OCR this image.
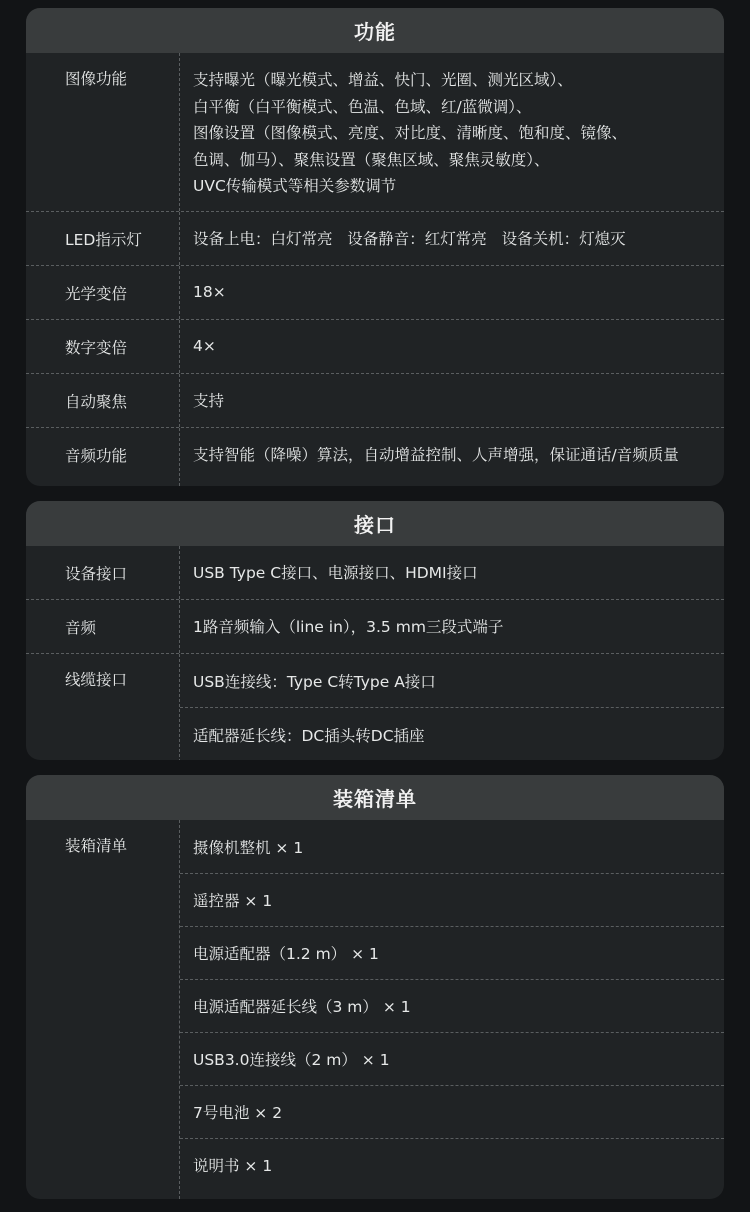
功能
图像功能	支持曝光（曝光模式、增益、快门、光圈、测光区域）、
白平衡（白平衡模式、色温、色域、红/蓝微调）、
图像设置（图像模式、亮度、对比度、清晰度、饱和度、镜像、
色调、伽马）、聚焦设置（聚焦区域、聚焦灵敏度）、
UVC传输模式等相关参数调节
LED指示灯	设备上电：白灯常亮   设备静音：红灯常亮   设备关机：灯熄灭
光学变倍	18×
数字变倍	4×
自动聚焦	支持
音频功能	支持智能（降噪）算法，自动增益控制、人声增强，保证通话/音频质量
接口
设备接口	USB Type C接口、电源接口、HDMI接口
音频	1路音频输入（line in），3.5 mm三段式端子
线缆接口	USB连接线：Type C转Type A接口
适配器延长线：DC插头转DC插座
装箱清单
装箱清单	摄像机整机 × 1
遥控器 × 1
电源适配器（1.2 m） × 1
电源适配器延长线（3 m） × 1
USB3.0连接线（2 m） × 1
7号电池 × 2
说明书 × 1
